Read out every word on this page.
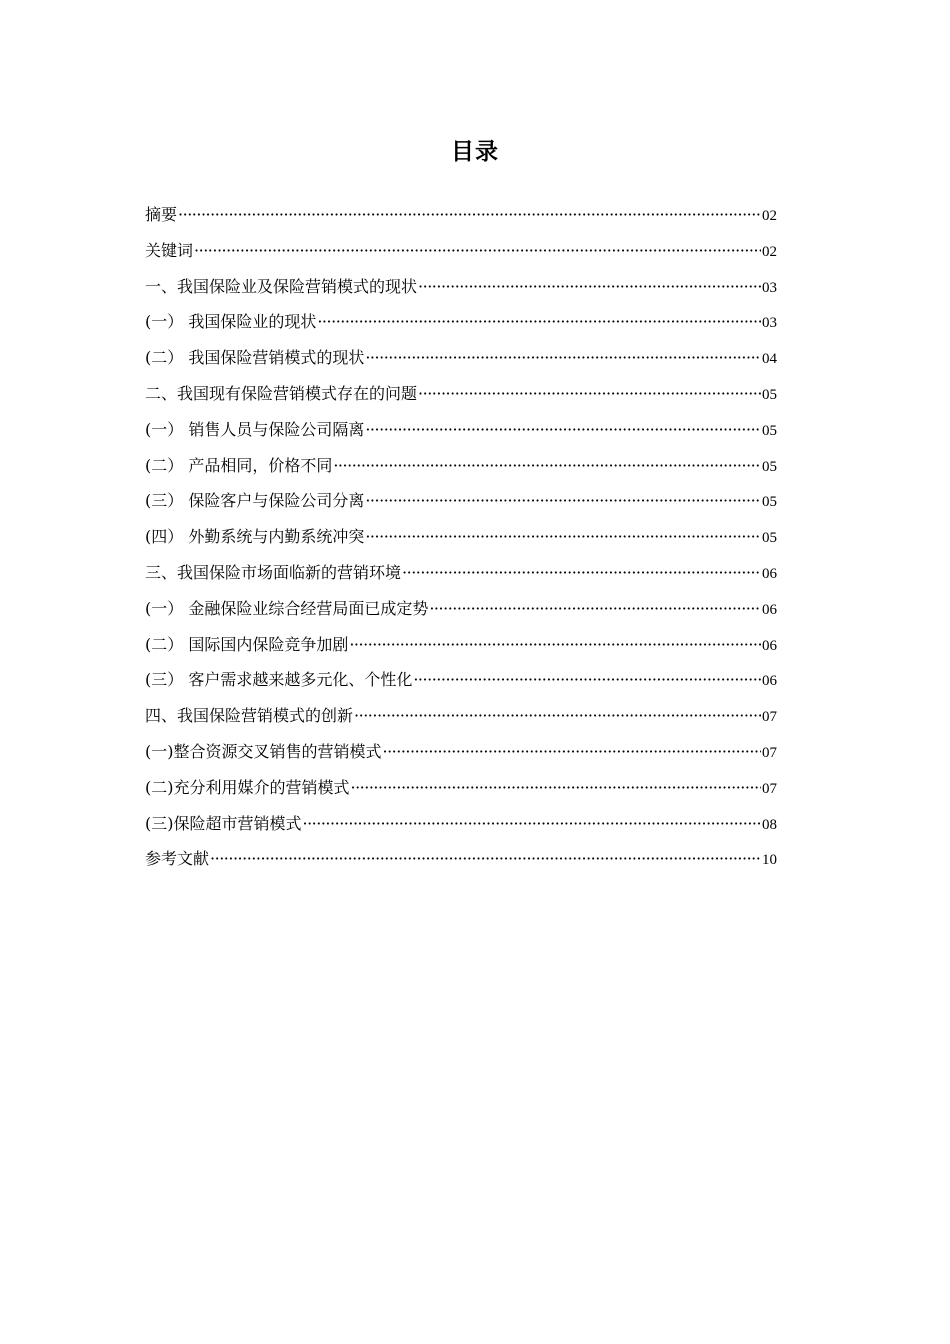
目录
摘要 ·····	02
关键词 ·····	02
一、我国保险业及保险营销模式的现状 ·····	03
(一） 我国保险业的现状 ·····	03
(二） 我国保险营销模式的现状 ·····	04
二、我国现有保险营销模式存在的问题 ·····	05
(一） 销售人员与保险公司隔离 ·····	05
(二） 产品相同，价格不同 ·····	05
(三） 保险客户与保险公司分离 ·····	05
(四） 外勤系统与内勤系统冲突 ·····	05
三、我国保险市场面临新的营销环境 ·····	06
(一） 金融保险业综合经营局面已成定势 ·····	06
(二） 国际国内保险竞争加剧 ·····	06
(三） 客户需求越来越多元化、个性化 ·····	06
四、我国保险营销模式的创新 ·····	07
(一)整合资源交叉销售的营销模式 ·····	07
(二)充分利用媒介的营销模式 ·····	07
(三)保险超市营销模式 ·····	08
参考文献 ·····	10
